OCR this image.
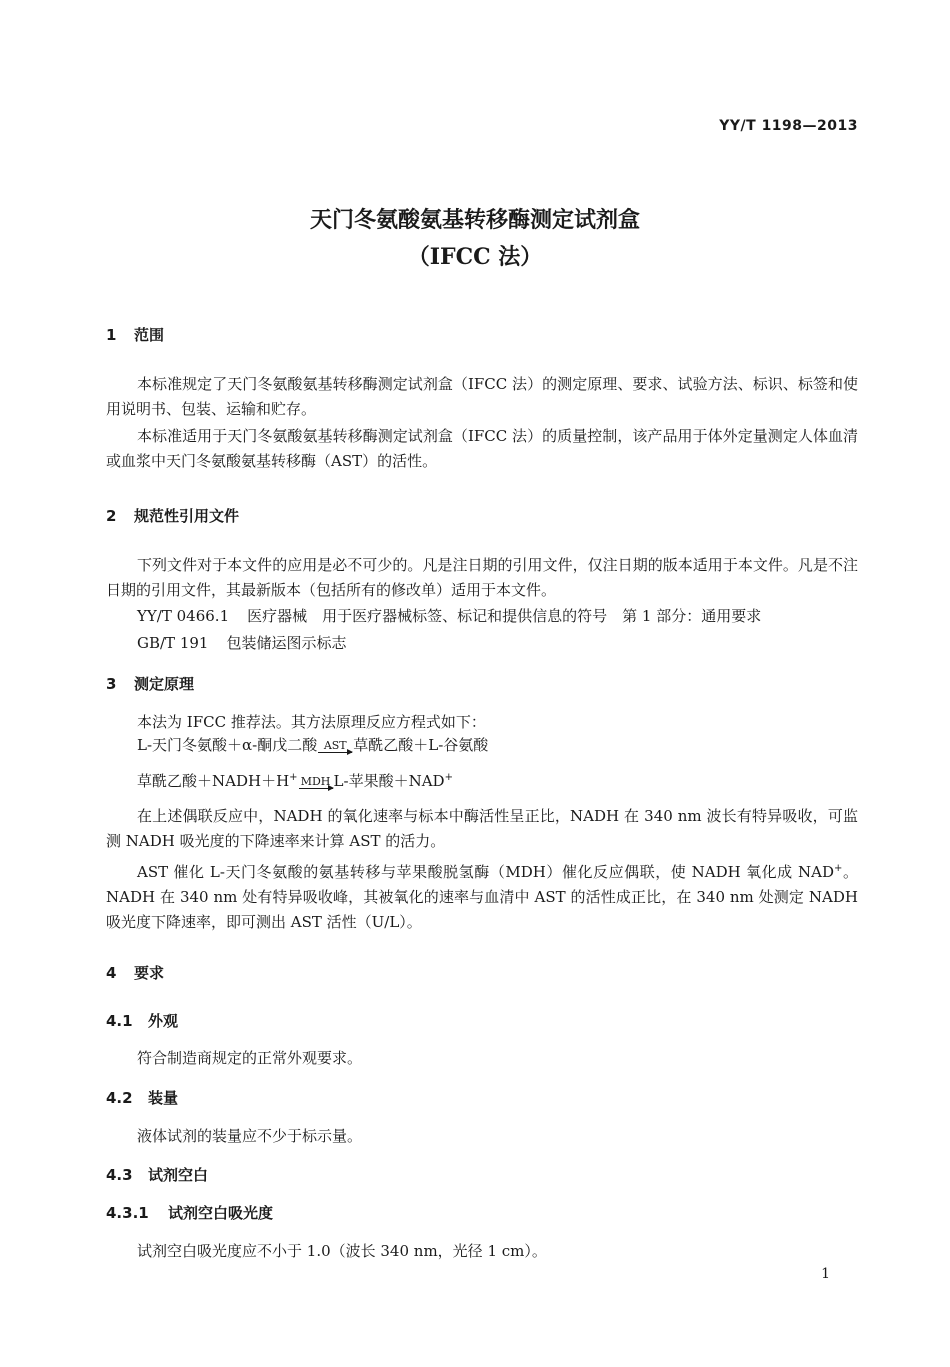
YY/T 1198—2013
天门冬氨酸氨基转移酶测定试剂盒
（IFCC 法）
1 范围

本标准规定了天门冬氨酸氨基转移酶测定试剂盒（IFCC 法）的测定原理、要求、试验方法、标识、标签和使用说明书、包装、运输和贮存。

本标准适用于天门冬氨酸氨基转移酶测定试剂盒（IFCC 法）的质量控制，该产品用于体外定量测定人体血清或血浆中天门冬氨酸氨基转移酶（AST）的活性。

2 规范性引用文件

下列文件对于本文件的应用是必不可少的。凡是注日期的引用文件，仅注日期的版本适用于本文件。凡是不注日期的引用文件，其最新版本（包括所有的修改单）适用于本文件。

YY/T 0466.1 医疗器械　用于医疗器械标签、标记和提供信息的符号　第 1 部分：通用要求
GB/T 191 包装储运图示标志
3 测定原理
本法为 IFCC 推荐法。其方法原理反应方程式如下：
L-天门冬氨酸＋α-酮戊二酸 AST 草酰乙酸＋L-谷氨酸
草酰乙酸＋NADH＋H+ MDH L-苹果酸＋NAD+

在上述偶联反应中，NADH 的氧化速率与标本中酶活性呈正比，NADH 在 340 nm 波长有特异吸收，可监测 NADH 吸光度的下降速率来计算 AST 的活力。

AST 催化 L-天门冬氨酸的氨基转移与苹果酸脱氢酶（MDH）催化反应偶联，使 NADH 氧化成 NAD+。NADH 在 340 nm 处有特异吸收峰，其被氧化的速率与血清中 AST 的活性成正比，在 340 nm 处测定 NADH 吸光度下降速率，即可测出 AST 活性（U/L）。

4 要求
4.1 外观
符合制造商规定的正常外观要求。
4.2 装量
液体试剂的装量应不少于标示量。
4.3 试剂空白
4.3.1 试剂空白吸光度
试剂空白吸光度应不小于 1.0（波长 340 nm，光径 1 cm）。
1
